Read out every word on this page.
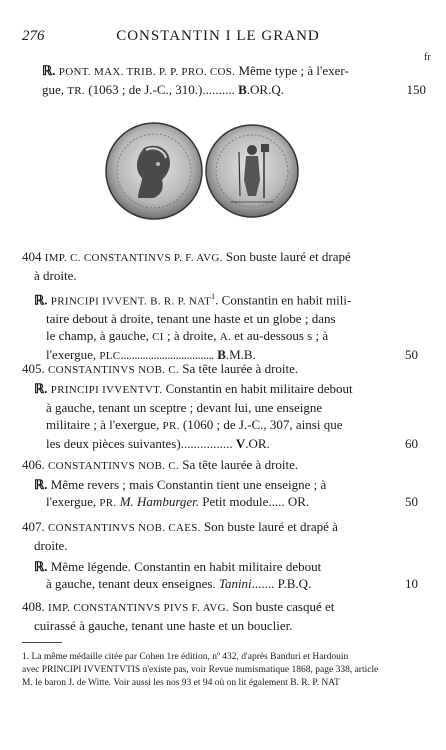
276	CONSTANTIN I LE GRAND
fr
ℝ. PONT. MAX. TRIB. P. P. PRO. COS. Même type ; à l'exer-
gue, TR. (1063 ; de J.-C., 310.).......... B.OR.Q.	150
404 IMP. C. CONSTANTINVS P. F. AVG. Son buste lauré et drapé
à droite.
ℝ. PRINCIPI IVVENT. B. R. P. NAT$^1$. Constantin en habit mili-
taire debout à droite, tenant une haste et un globe ; dans
le champ, à gauche, CI ; à droite, A. et au-dessous s ; à
l'exergue, PLC.................................. B.M.B.	50
405. CONSTANTINVS NOB. C. Sa tête laurée à droite.
ℝ. PRINCIPI IVVENTVT. Constantin en habit militaire debout
à gauche, tenant un sceptre ; devant lui, une enseigne
militaire ; à l'exergue, PR. (1060 ; de J.-C., 307, ainsi que
les deux pièces suivantes)................ V.OR.	60
406. CONSTANTINVS NOB. C. Sa tête laurée à droite.
ℝ. Même revers ; mais Constantin tient une enseigne ; à
l'exergue, PR. M. Hamburger. Petit module..... OR.	50
407. CONSTANTINVS NOB. CAES. Son buste lauré et drapé à
droite.
ℝ. Même légende. Constantin en habit militaire debout
à gauche, tenant deux enseignes. Tanini....... P.B.Q.	10
408. IMP. CONSTANTINVS PIVS F. AVG. Son buste casqué et
cuirassé à gauche, tenant une haste et un bouclier.
1. La même médaille citée par Cohen 1re édition, nº 432, d'après Banduri et Hardouin
avec PRINCIPI IVVENTVTIS n'existe pas, voir Revue numismatique 1868, page 338, article
M. le baron J. de Witte. Voir aussi les nos 93 et 94 où on lit également B. R. P. NAT
